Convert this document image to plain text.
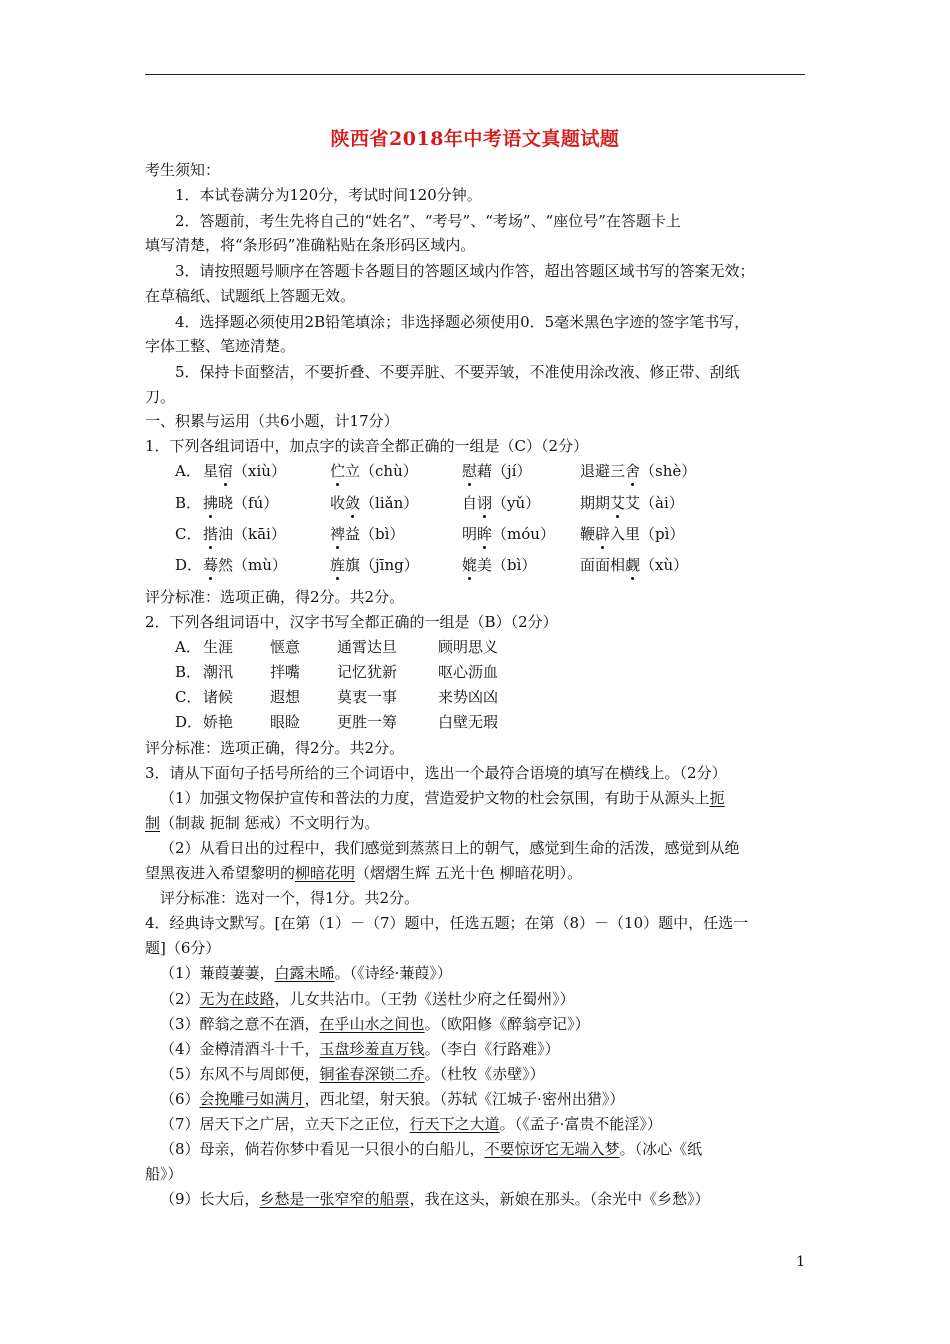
陕西省2018年中考语文真题试题
考生须知：
1．本试卷满分为120分，考试时间120分钟。
2．答题前，考生先将自己的“姓名”、“考号”、“考场”、“座位号”在答题卡上
填写清楚，将“条形码”准确粘贴在条形码区域内。
3．请按照题号顺序在答题卡各题目的答题区域内作答，超出答题区域书写的答案无效；
在草稿纸、试题纸上答题无效。
4．选择题必须使用2B铅笔填涂；非选择题必须使用0．5毫米黑色字迹的签字笔书写，
字体工整、笔迹清楚。
5．保持卡面整洁，不要折叠、不要弄脏、不要弄皱，不准使用涂改液、修正带、刮纸
刀。
一、积累与运用（共6小题，计17分）
1．下列各组词语中，加点字的读音全都正确的一组是（C）（2分）
A． 星宿（xiù）	伫立（chù）	慰藉（jí）	退避三舍（shè）
B． 拂晓（fú）	收敛（liǎn）	自诩（yǔ）	期期艾艾（ài）
C． 揩油（kāi）	裨益（bì）	明眸（móu） 鞭辟入里（pì）
D． 蓦然（mù）	旌旗（jīng）	媲美（bì）	面面相觑（xù）
评分标准：选项正确，得2分。共2分。
2．下列各组词语中，汉字书写全都正确的一组是（B）（2分）
A． 生涯 惬意 通霄达旦	顾明思义
B． 潮汛 拌嘴 记忆犹新	呕心沥血
C． 诸候 遐想 莫衷一事	来势凶凶
D． 娇艳 眼睑 更胜一筹	白壁无瑕
评分标准：选项正确，得2分。共2分。
3．请从下面句子括号所给的三个词语中，选出一个最符合语境的填写在横线上。（2分）
（1）加强文物保护宣传和普法的力度，营造爱护文物的杜会氛围，有助于从源头上扼
制（制裁 扼制 惩戒）不文明行为。
（2）从看日出的过程中，我们感觉到蒸蒸日上的朝气，感觉到生命的活泼，感觉到从绝
望黑夜进入希望黎明的柳暗花明（熠熠生辉 五光十色 柳暗花明）。
评分标准：选对一个，得1分。共2分。
4．经典诗文默写。[在第（1）－（7）题中，任选五题；在第（8）－（10）题中，任选一
题]（6分）
（1）蒹葭萋萋，白露未晞。（《诗经·蒹葭》）
（2）无为在歧路，儿女共沾巾。（王勃《送杜少府之任蜀州》）
（3）醉翁之意不在酒，在乎山水之间也。（欧阳修《醉翁亭记》）
（4）金樽清酒斗十千，玉盘珍羞直万钱。（李白《行路难》）
（5）东风不与周郎便，铜雀春深锁二乔。（杜牧《赤壁》）
（6）会挽雕弓如满月，西北望，射天狼。（苏轼《江城子·密州出猎》）
（7）居天下之广居，立天下之正位，行天下之大道。（《孟子·富贵不能淫》）
（8）母亲，倘若你梦中看见一只很小的白船儿，不要惊讶它无端入梦。（冰心《纸
（9）长大后，乡愁是一张窄窄的船票，我在这头，新娘在那头。（余光中《乡愁》）
船》）
1
